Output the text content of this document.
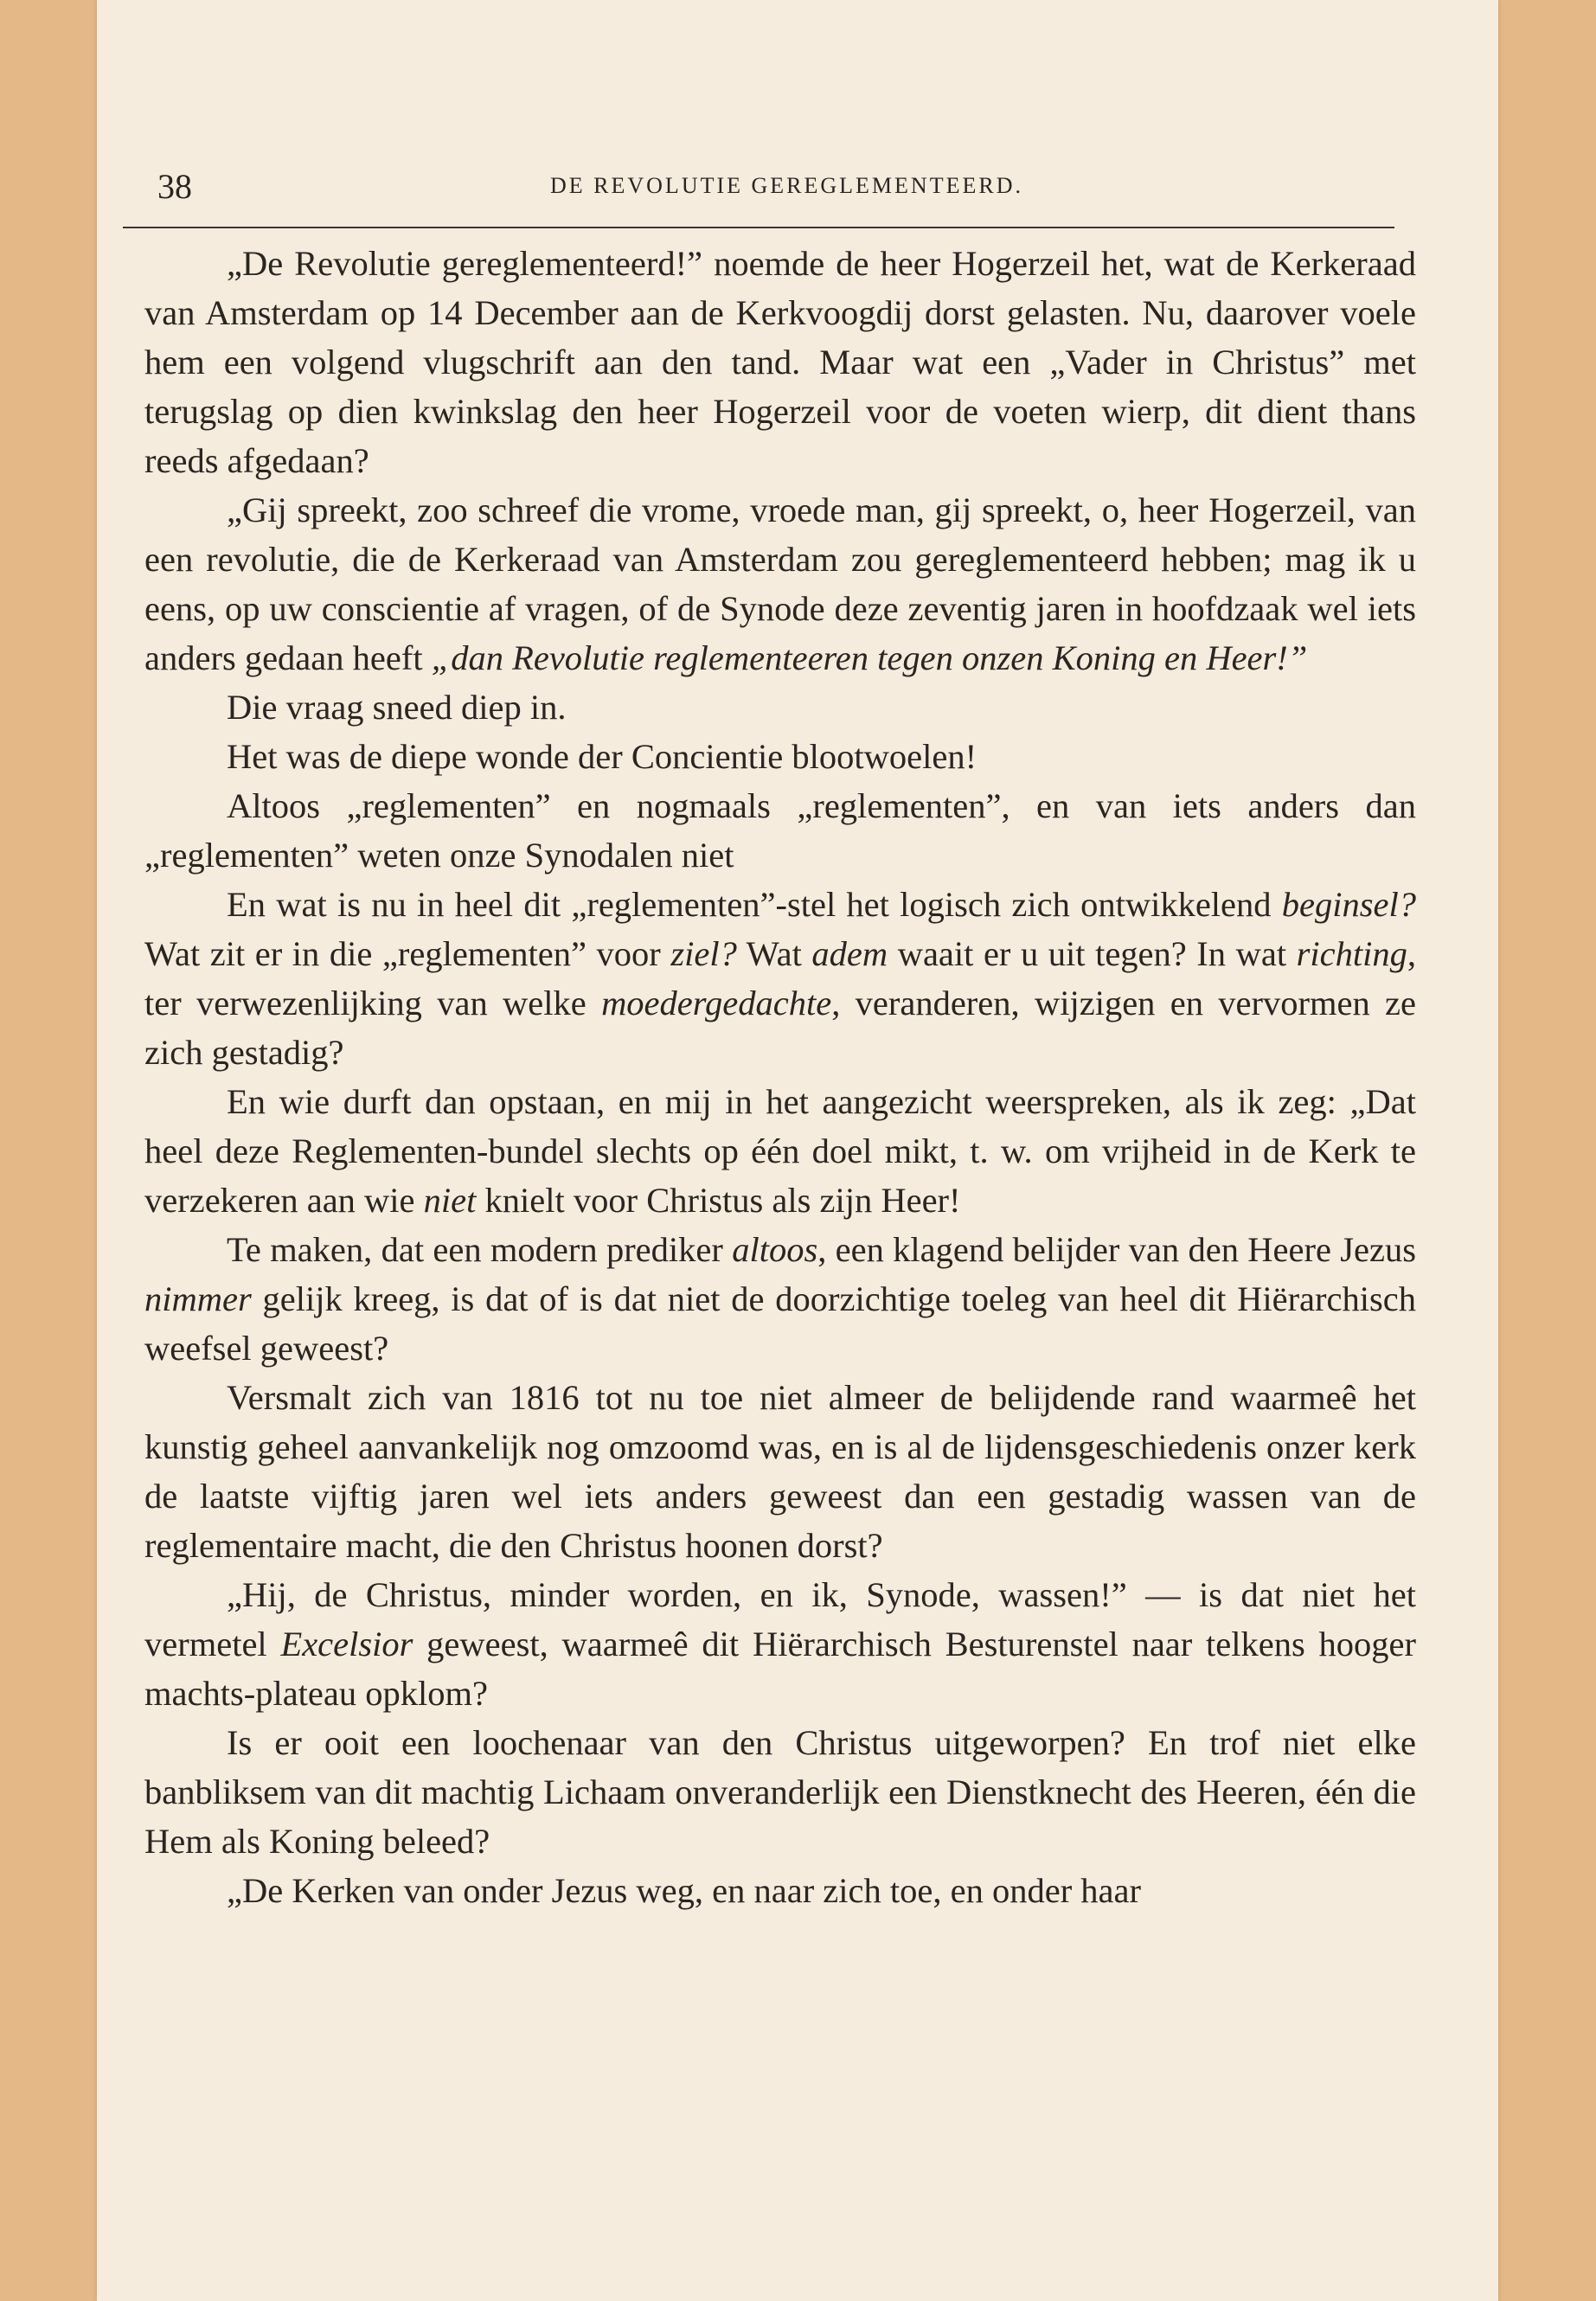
38	DE REVOLUTIE GEREGLEMENTEERD.

„De Revolutie gereglementeerd!” noemde de heer Hogerzeil het, wat de Kerkeraad van Amsterdam op 14 December aan de Kerkvoogdij dorst gelasten. Nu, daarover voele hem een volgend vlugschrift aan den tand. Maar wat een „Vader in Christus” met terugslag op dien kwinkslag den heer Hogerzeil voor de voeten wierp, dit dient thans reeds afgedaan?

„Gij spreekt, zoo schreef die vrome, vroede man, gij spreekt, o, heer Hogerzeil, van een revolutie, die de Kerkeraad van Amsterdam zou gereglementeerd hebben; mag ik u eens, op uw conscientie af vragen, of de Synode deze zeventig jaren in hoofdzaak wel iets anders gedaan heeft „dan Revolutie reglementeeren tegen onzen Koning en Heer!”

Die vraag sneed diep in.

Het was de diepe wonde der Concientie blootwoelen!

Altoos „reglementen” en nogmaals „reglementen”, en van iets anders dan „reglementen” weten onze Synodalen niet

En wat is nu in heel dit „reglementen”-stel het logisch zich ontwikkelend beginsel? Wat zit er in die „reglementen” voor ziel? Wat adem waait er u uit tegen? In wat richting, ter verwezenlijking van welke moedergedachte, veranderen, wijzigen en vervormen ze zich gestadig?

En wie durft dan opstaan, en mij in het aangezicht weerspreken, als ik zeg: „Dat heel deze Reglementen-bundel slechts op één doel mikt, t. w. om vrijheid in de Kerk te verzekeren aan wie niet knielt voor Christus als zijn Heer!

Te maken, dat een modern prediker altoos, een klagend belijder van den Heere Jezus nimmer gelijk kreeg, is dat of is dat niet de doorzichtige toeleg van heel dit Hiërarchisch weefsel geweest?

Versmalt zich van 1816 tot nu toe niet almeer de belijdende rand waarmeê het kunstig geheel aanvankelijk nog omzoomd was, en is al de lijdensgeschiedenis onzer kerk de laatste vijftig jaren wel iets anders geweest dan een gestadig wassen van de reglementaire macht, die den Christus hoonen dorst?

„Hij, de Christus, minder worden, en ik, Synode, wassen!” — is dat niet het vermetel Excelsior geweest, waarmeê dit Hiërarchisch Besturenstel naar telkens hooger machts-plateau opklom?

Is er ooit een loochenaar van den Christus uitgeworpen? En trof niet elke banbliksem van dit machtig Lichaam onveranderlijk een Dienstknecht des Heeren, één die Hem als Koning beleed?

„De Kerken van onder Jezus weg, en naar zich toe, en onder haar
